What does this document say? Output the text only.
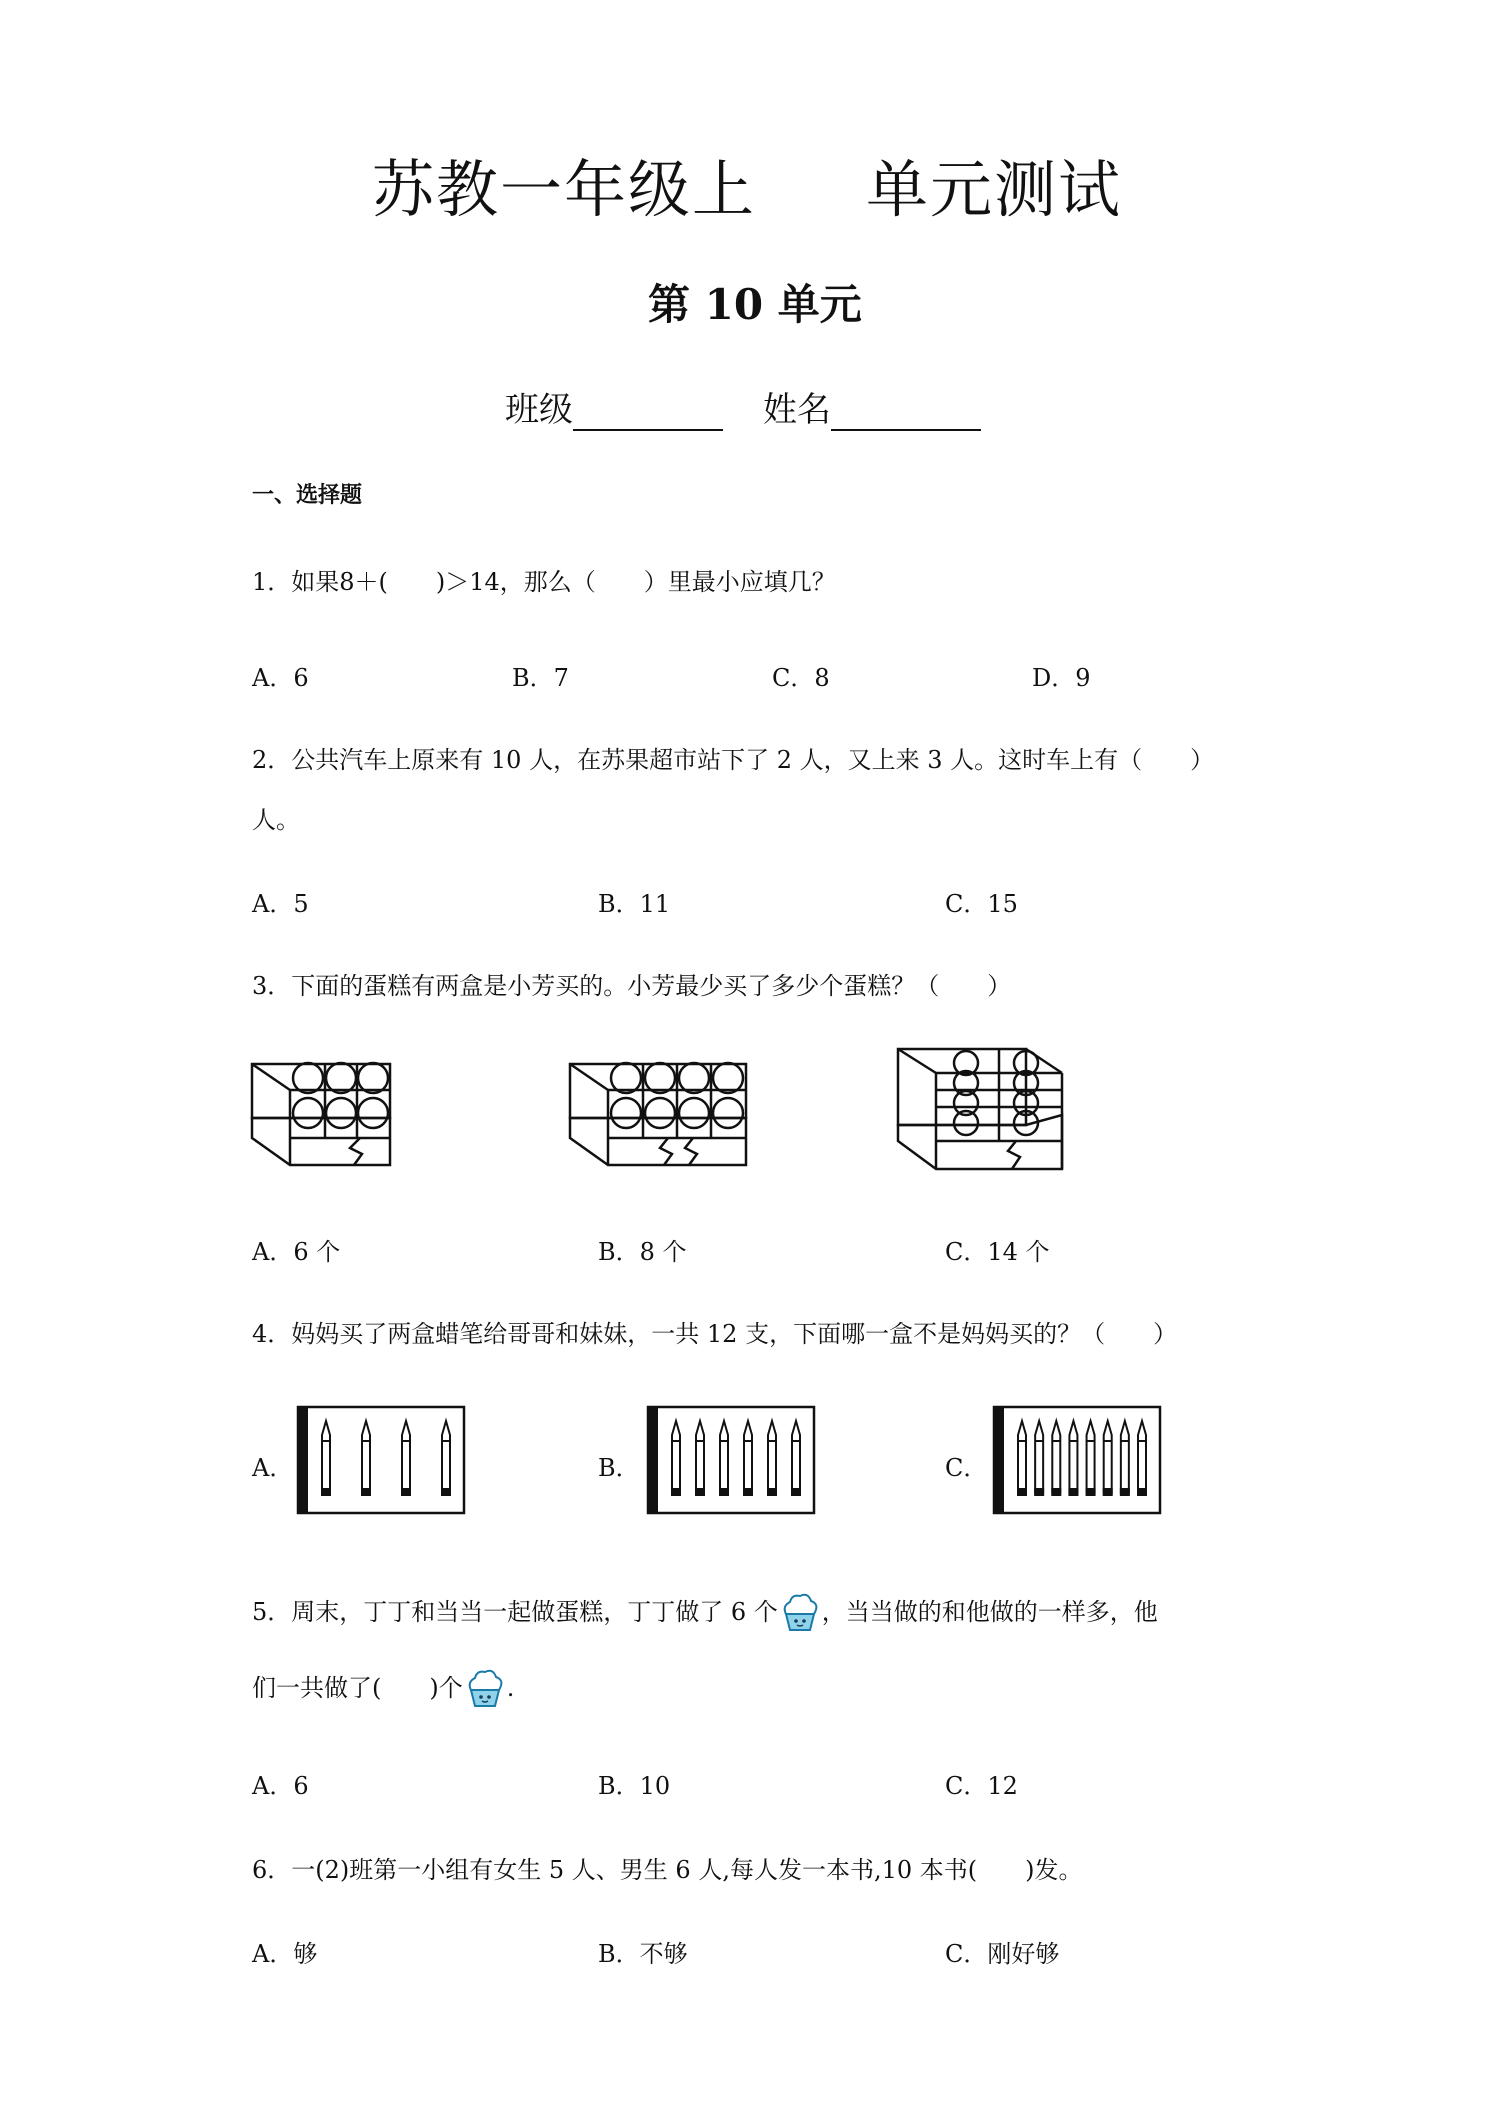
苏教一年级上 单元测试
第 10 单元
班级	姓名
一、选择题
1．如果8＋(　　)＞14，那么（　　）里最小应填几？
A．6	B．7	C．8	D．9
2．公共汽车上原来有 10 人，在苏果超市站下了 2 人，又上来 3 人。这时车上有（　　）
人。
A．5	B．11	C．15
3．下面的蛋糕有两盒是小芳买的。小芳最少买了多少个蛋糕？（　　）
A．6 个	B．8 个	C．14 个
4．妈妈买了两盒蜡笔给哥哥和妹妹，一共 12 支，下面哪一盒不是妈妈买的？（　　）
A．	B．	C．
5．周末，丁丁和当当一起做蛋糕，丁丁做了 6 个 ，当当做的和他做的一样多，他
们一共做了(　　)个 .
A．6	B．10	C．12
6．一(2)班第一小组有女生 5 人、男生 6 人,每人发一本书,10 本书(　　)发。
A．够	B．不够	C．刚好够
